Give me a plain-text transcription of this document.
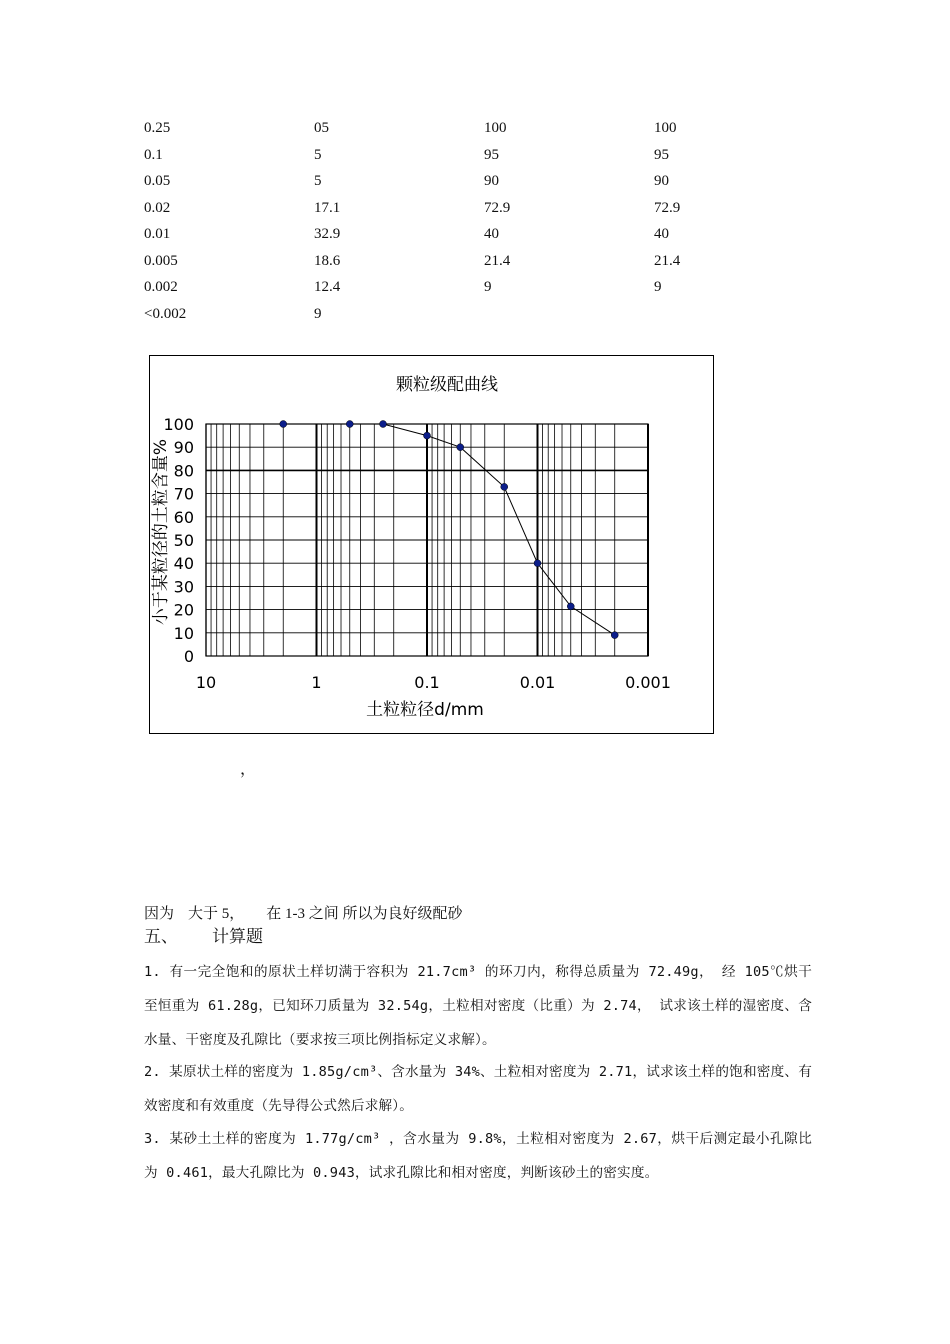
0.25	05	100	100
0.1	5	95	95
0.05	5	90	90
0.02	17.1	72.9	72.9
0.01	32.9	40	40
0.005	18.6	21.4	21.4
0.002	12.4	9	9
<0.002	9
颗粒级配曲线
100
90
80
70
60
50
40
30
20
10
0
10	1	0.1	0.01	0.001
土粒粒径d/mm
小于某粒径的土粒含量%
，
因为 大于 5， 在 1-3 之间 所以为良好级配砂
五、 计算题
1. 有一完全饱和的原状土样切满于容积为 21.7cm³ 的环刀内，称得总质量为 72.49g， 经 105℃烘干至恒重为 61.28g，已知环刀质量为 32.54g，土粒相对密度（比重）为 2.74， 试求该土样的湿密度、含水量、干密度及孔隙比（要求按三项比例指标定义求解）。
2. 某原状土样的密度为 1.85g/cm³、含水量为 34%、土粒相对密度为 2.71，试求该土样的饱和密度、有效密度和有效重度（先导得公式然后求解）。
3. 某砂土土样的密度为 1.77g/cm³ ，含水量为 9.8%，土粒相对密度为 2.67，烘干后测定最小孔隙比为 0.461，最大孔隙比为 0.943，试求孔隙比和相对密度，判断该砂土的密实度。
